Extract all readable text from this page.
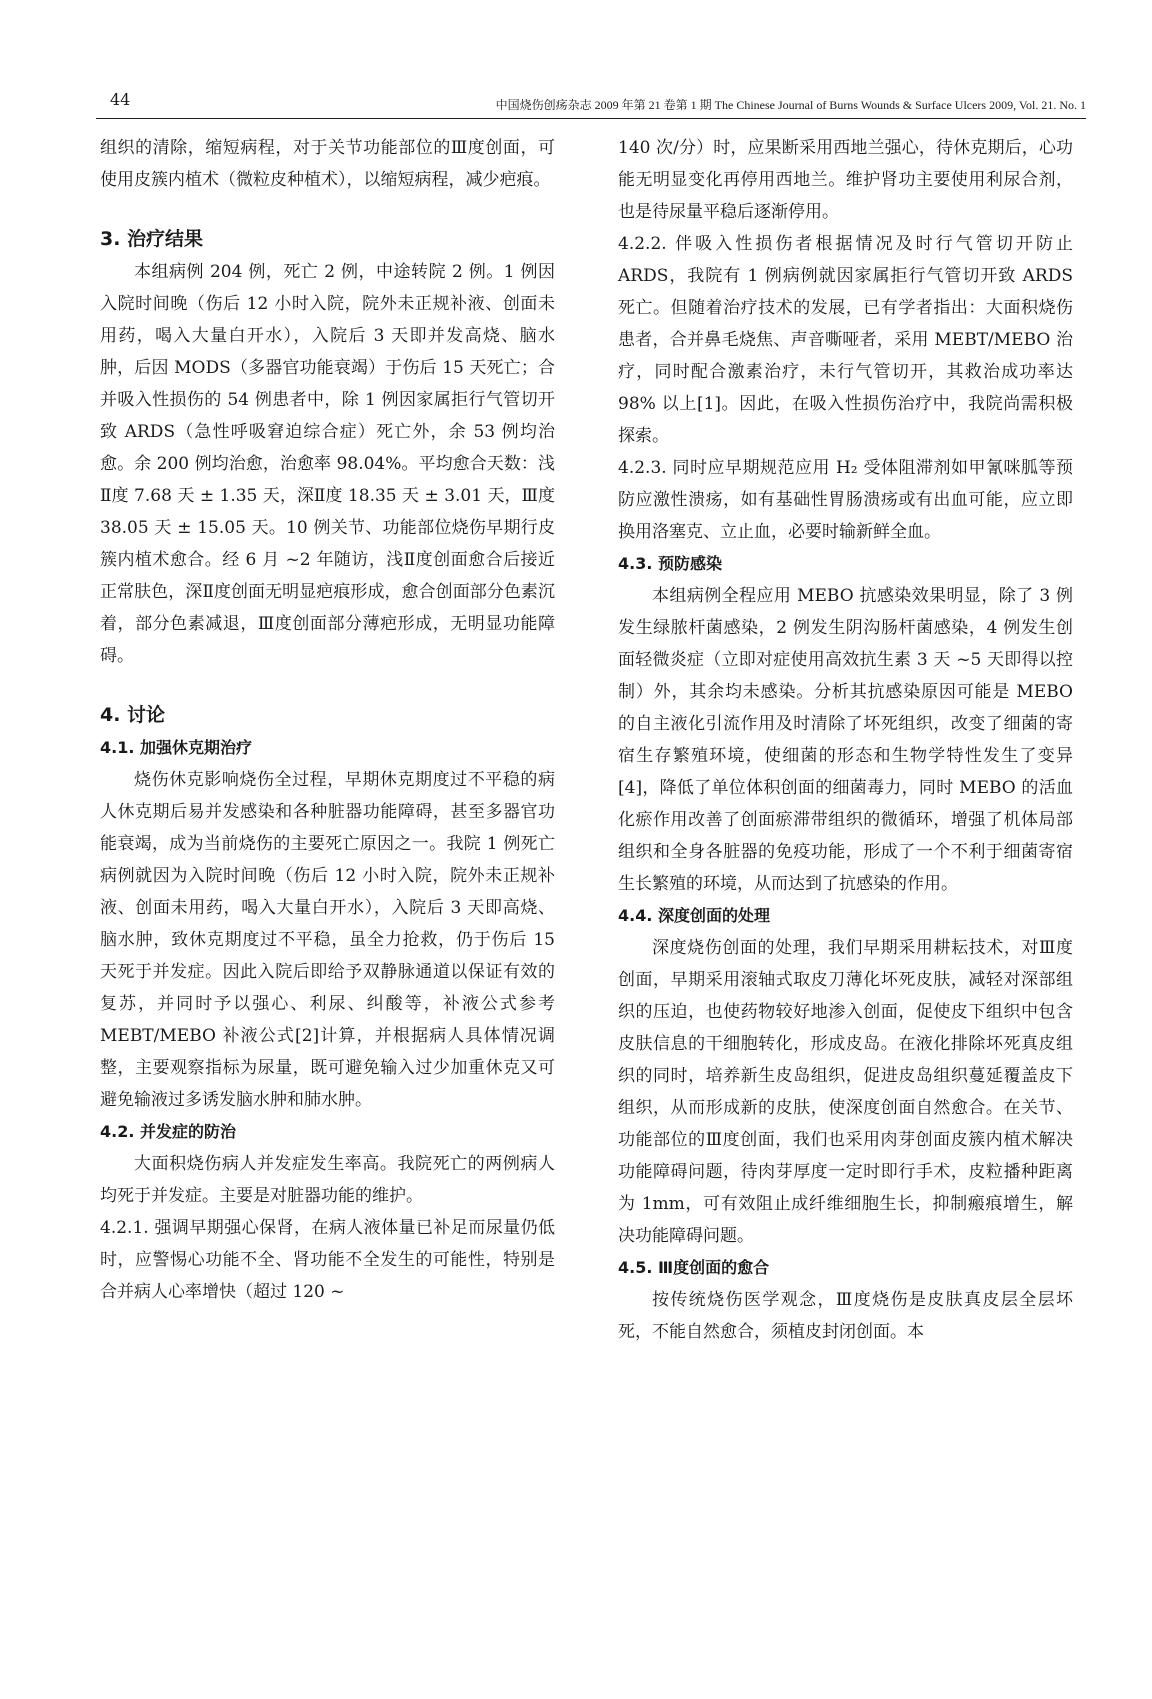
44	中国烧伤创疡杂志 2009 年第 21 卷第 1 期 The Chinese Journal of Burns Wounds & Surface Ulcers 2009, Vol. 21. No. 1

组织的清除，缩短病程，对于关节功能部位的Ⅲ度创面，可使用皮簇内植术（微粒皮种植术），以缩短病程，减少疤痕。

3. 治疗结果

本组病例 204 例，死亡 2 例，中途转院 2 例。1 例因入院时间晚（伤后 12 小时入院，院外未正规补液、创面未用药，喝入大量白开水），入院后 3 天即并发高烧、脑水肿，后因 MODS（多器官功能衰竭）于伤后 15 天死亡；合并吸入性损伤的 54 例患者中，除 1 例因家属拒行气管切开致 ARDS（急性呼吸窘迫综合症）死亡外，余 53 例均治愈。余 200 例均治愈，治愈率 98.04%。平均愈合天数：浅Ⅱ度 7.68 天 ± 1.35 天，深Ⅱ度 18.35 天 ± 3.01 天，Ⅲ度 38.05 天 ± 15.05 天。10 例关节、功能部位烧伤早期行皮簇内植术愈合。经 6 月 ~2 年随访，浅Ⅱ度创面愈合后接近正常肤色，深Ⅱ度创面无明显疤痕形成，愈合创面部分色素沉着，部分色素减退，Ⅲ度创面部分薄疤形成，无明显功能障碍。

4. 讨论
4.1. 加强休克期治疗

烧伤休克影响烧伤全过程，早期休克期度过不平稳的病人休克期后易并发感染和各种脏器功能障碍，甚至多器官功能衰竭，成为当前烧伤的主要死亡原因之一。我院 1 例死亡病例就因为入院时间晚（伤后 12 小时入院，院外未正规补液、创面未用药，喝入大量白开水），入院后 3 天即高烧、脑水肿，致休克期度过不平稳，虽全力抢救，仍于伤后 15 天死于并发症。因此入院后即给予双静脉通道以保证有效的复苏，并同时予以强心、利尿、纠酸等，补液公式参考 MEBT/MEBO 补液公式[2]计算，并根据病人具体情况调整，主要观察指标为尿量，既可避免输入过少加重休克又可避免输液过多诱发脑水肿和肺水肿。

4.2. 并发症的防治

大面积烧伤病人并发症发生率高。我院死亡的两例病人均死于并发症。主要是对脏器功能的维护。

4.2.1. 强调早期强心保肾，在病人液体量已补足而尿量仍低时，应警惕心功能不全、肾功能不全发生的可能性，特别是合并病人心率增快（超过 120 ~

140 次/分）时，应果断采用西地兰强心，待休克期后，心功能无明显变化再停用西地兰。维护肾功主要使用利尿合剂，也是待尿量平稳后逐渐停用。

4.2.2. 伴吸入性损伤者根据情况及时行气管切开防止 ARDS，我院有 1 例病例就因家属拒行气管切开致 ARDS 死亡。但随着治疗技术的发展，已有学者指出：大面积烧伤患者，合并鼻毛烧焦、声音嘶哑者，采用 MEBT/MEBO 治疗，同时配合激素治疗，未行气管切开，其救治成功率达 98% 以上[1]。因此，在吸入性损伤治疗中，我院尚需积极探索。

4.2.3. 同时应早期规范应用 H₂ 受体阻滞剂如甲氰咪胍等预防应激性溃疡，如有基础性胃肠溃疡或有出血可能，应立即换用洛塞克、立止血，必要时输新鲜全血。

4.3. 预防感染

本组病例全程应用 MEBO 抗感染效果明显，除了 3 例发生绿脓杆菌感染，2 例发生阴沟肠杆菌感染，4 例发生创面轻微炎症（立即对症使用高效抗生素 3 天 ~5 天即得以控制）外，其余均未感染。分析其抗感染原因可能是 MEBO 的自主液化引流作用及时清除了坏死组织，改变了细菌的寄宿生存繁殖环境，使细菌的形态和生物学特性发生了变异[4]，降低了单位体积创面的细菌毒力，同时 MEBO 的活血化瘀作用改善了创面瘀滞带组织的微循环，增强了机体局部组织和全身各脏器的免疫功能，形成了一个不利于细菌寄宿生长繁殖的环境，从而达到了抗感染的作用。

4.4. 深度创面的处理

深度烧伤创面的处理，我们早期采用耕耘技术，对Ⅲ度创面，早期采用滚轴式取皮刀薄化坏死皮肤，减轻对深部组织的压迫，也使药物较好地渗入创面，促使皮下组织中包含皮肤信息的干细胞转化，形成皮岛。在液化排除坏死真皮组织的同时，培养新生皮岛组织，促进皮岛组织蔓延覆盖皮下组织，从而形成新的皮肤，使深度创面自然愈合。在关节、功能部位的Ⅲ度创面，我们也采用肉芽创面皮簇内植术解决功能障碍问题，待肉芽厚度一定时即行手术，皮粒播种距离为 1mm，可有效阻止成纤维细胞生长，抑制瘢痕增生，解决功能障碍问题。

4.5. Ⅲ度创面的愈合

按传统烧伤医学观念，Ⅲ度烧伤是皮肤真皮层全层坏死，不能自然愈合，须植皮封闭创面。本
